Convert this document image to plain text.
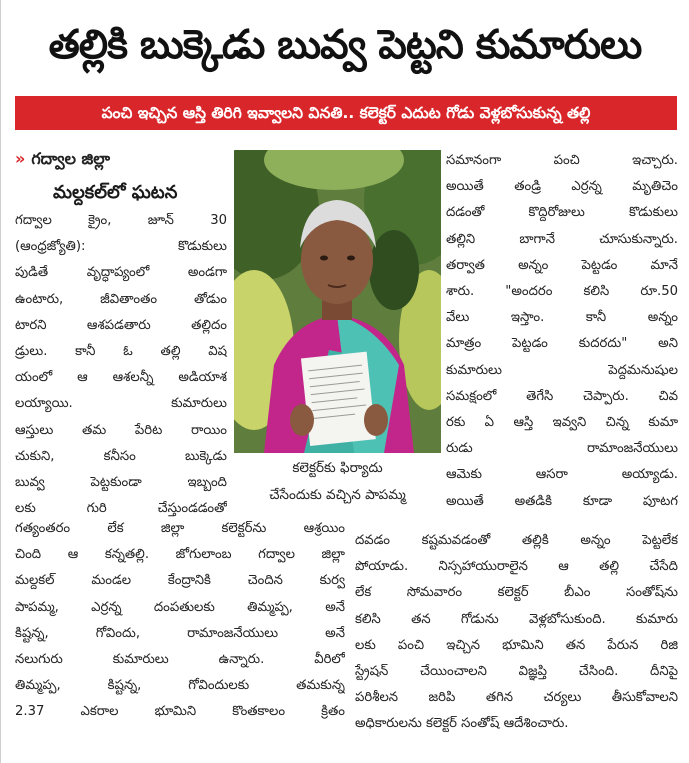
తల్లికి బుక్కెడు బువ్వ పెట్టని కుమారులు
పంచి ఇచ్చిన ఆస్తి తిరిగి ఇవ్వాలని వినతి.. కలెక్టర్ ఎదుట గోడు వెళ్లబోసుకున్న తల్లి
» గద్వాల జిల్లా
మల్దకల్‌లో ఘటన

గద్వాల క్రైం, జూన్ 30

(ఆంధ్రజ్యోతి): కొడుకులు

పుడితే వృద్ధాప్యంలో అండగా

ఉంటారు, జీవితాంతం తోడుం

టారని ఆశపడతారు తల్లిదం

డ్రులు. కానీ ఓ తల్లి విష

యంలో ఆ ఆశలన్నీ అడియాశ

లయ్యాయి. కుమారులు

ఆస్తులు తమ పేరిట రాయిం

చుకుని, కనీసం బుక్కెడు

బువ్వ పెట్టకుండా ఇబ్బంది

లకు గురి చేస్తుండడంతో

కలెక్టర్‌కు ఫిర్యాదు

చేసేందుకు వచ్చిన పాపమ్మ

సమానంగా పంచి ఇచ్చారు.

అయితే తండ్రి ఎర్రన్న మృతిచెం

దడంతో కొద్దిరోజులు కొడుకులు

తల్లిని బాగానే చూసుకున్నారు.

తర్వాత అన్నం పెట్టడం మానే

శారు. "అందరం కలిసి రూ.50

వేలు ఇస్తాం. కానీ అన్నం

మాత్రం పెట్టడం కుదరదు" అని

కుమారులు పెద్దమనుషుల

సమక్షంలో తెగేసి చెప్పారు. చివ

రకు ఏ ఆస్తి ఇవ్వని చిన్న కుమా

రుడు రామాంజనేయులు

ఆమెకు ఆసరా అయ్యాడు.

అయితే అతడికి కూడా పూటగ

గత్యంతరం లేక జిల్లా కలెక్టర్‌ను ఆశ్రయిం

చింది ఆ కన్నతల్లి. జోగులాంబ గద్వాల జిల్లా

మల్దకల్ మండల కేంద్రానికి చెందిన కుర్వ

పాపమ్మ, ఎర్రన్న దంపతులకు తిమ్మప్ప, అనే

కిష్టన్న, గోవిందు, రామాంజనేయులు అనే

నలుగురు కుమారులు ఉన్నారు. వీరిలో

తిమ్మప్ప, కిష్టన్న, గోవిందులకు తమకున్న

2.37 ఎకరాల భూమిని కొంతకాలం క్రితం

దవడం కష్టమవడంతో తల్లికి అన్నం పెట్టలేక

పోయాడు. నిస్సహాయురాలైన ఆ తల్లి చేసేది

లేక సోమవారం కలెక్టర్ బీఎం సంతోష్‌ను

కలిసి తన గోడును వెళ్లబోసుకుంది. కుమారు

లకు పంచి ఇచ్చిన భూమిని తన పేరున రిజి

స్ట్రేషన్ చేయించాలని విజ్ఞప్తి చేసింది. దీనిపై

పరిశీలన జరిపి తగిన చర్యలు తీసుకోవాలని

అధికారులను కలెక్టర్ సంతోష్ ఆదేశించారు.
